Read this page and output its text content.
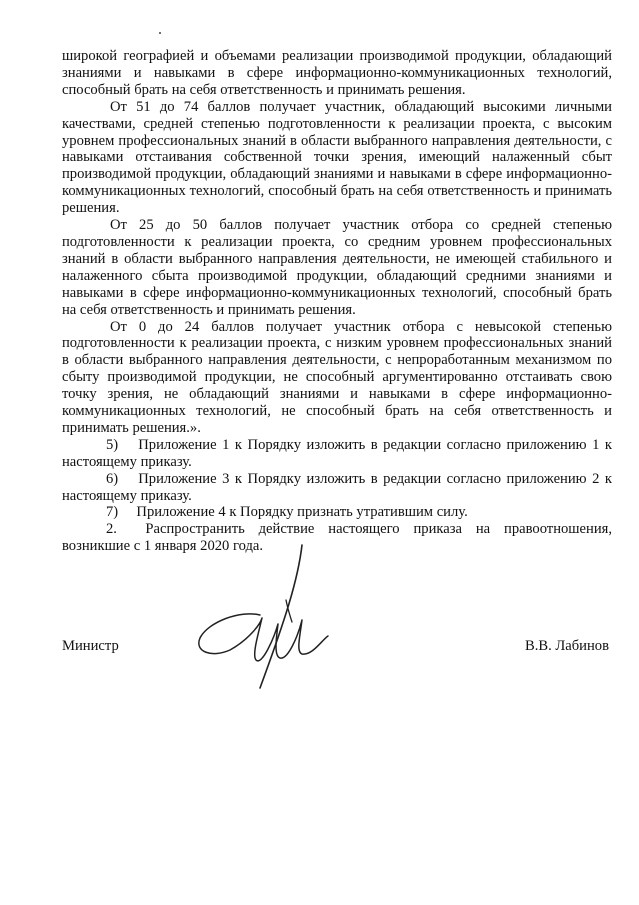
широкой географией и объемами реализации производимой продукции, обладающий знаниями и навыками в сфере информационно-коммуникационных технологий, способный брать на себя ответственность и принимать решения.

От 51 до 74 баллов получает участник, обладающий высокими личными качествами, средней степенью подготовленности к реализации проекта, с высоким уровнем профессиональных знаний в области выбранного направления деятельности, с навыками отстаивания собственной точки зрения, имеющий налаженный сбыт производимой продукции, обладающий знаниями и навыками в сфере информационно-коммуникационных технологий, способный брать на себя ответственность и принимать решения.

От 25 до 50 баллов получает участник отбора со средней степенью подготовленности к реализации проекта, со средним уровнем профессиональных знаний в области выбранного направления деятельности, не имеющей стабильного и налаженного сбыта производимой продукции, обладающий средними знаниями и навыками в сфере информационно-коммуникационных технологий, способный брать на себя ответственность и принимать решения.

От 0 до 24 баллов получает участник отбора с невысокой степенью подготовленности к реализации проекта, с низким уровнем профессиональных знаний в области выбранного направления деятельности, с непроработанным механизмом по сбыту производимой продукции, не способный аргументированно отстаивать свою точку зрения, не обладающий знаниями и навыками в сфере информационно-коммуникационных технологий, не способный брать на себя ответственность и принимать решения.».

5)  Приложение 1 к Порядку изложить в редакции согласно приложению 1 к настоящему приказу.

6)  Приложение 3 к Порядку изложить в редакции согласно приложению 2 к настоящему приказу.

7)  Приложение 4 к Порядку признать утратившим силу.

2.  Распространить действие настоящего приказа на правоотношения, возникшие с 1 января 2020 года.

Министр	В.В. Лабинов
